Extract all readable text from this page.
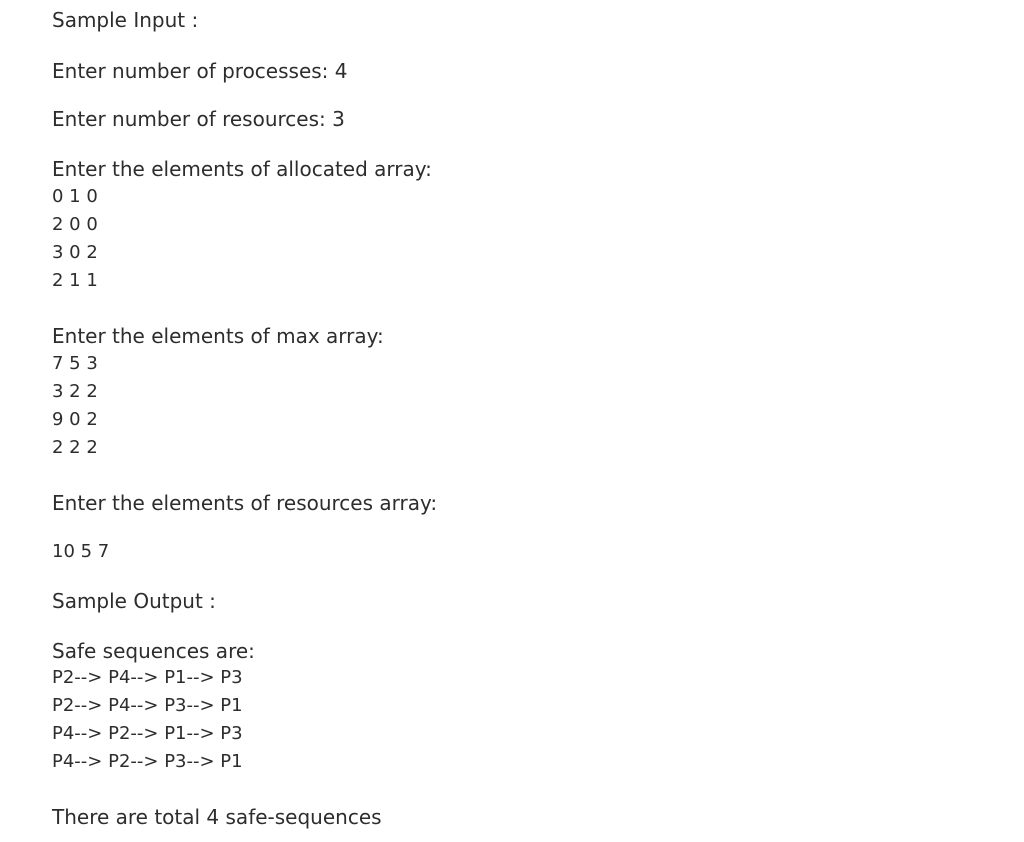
Sample Input :
Enter number of processes: 4
Enter number of resources: 3
Enter the elements of allocated array:
0 1 0
2 0 0
3 0 2
2 1 1
Enter the elements of max array:
7 5 3
3 2 2
9 0 2
2 2 2
Enter the elements of resources array:
10 5 7
Sample Output :
Safe sequences are:
P2--> P4--> P1--> P3
P2--> P4--> P3--> P1
P4--> P2--> P1--> P3
P4--> P2--> P3--> P1
There are total 4 safe-sequences
